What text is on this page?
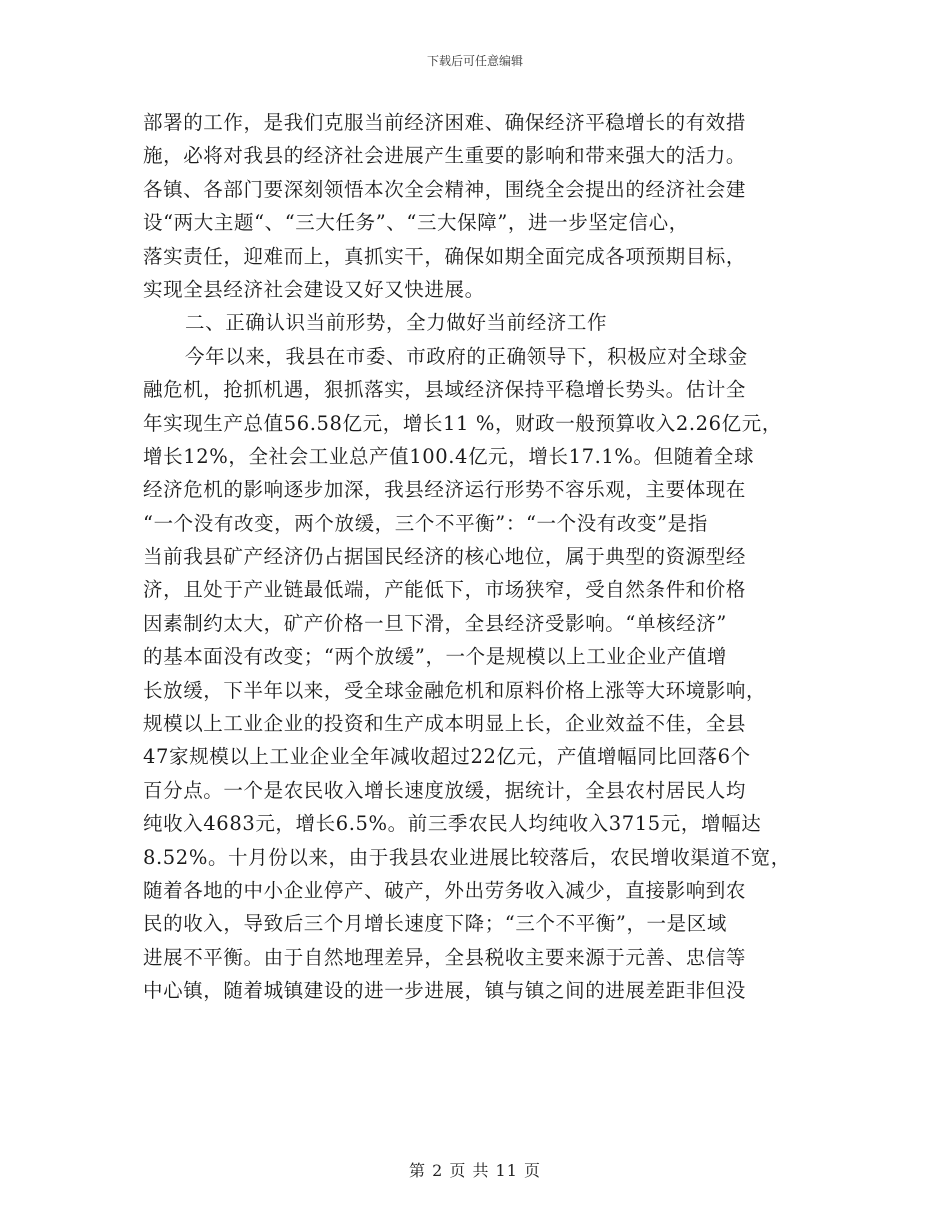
下载后可任意编辑
部署的工作，是我们克服当前经济困难、确保经济平稳增长的有效措
施，必将对我县的经济社会进展产生重要的影响和带来强大的活力。
各镇、各部门要深刻领悟本次全会精神，围绕全会提出的经济社会建
设“两大主题“、“三大任务”、“三大保障”，进一步坚定信心，
落实责任，迎难而上，真抓实干，确保如期全面完成各项预期目标，
实现全县经济社会建设又好又快进展。
二、正确认识当前形势，全力做好当前经济工作
今年以来，我县在市委、市政府的正确领导下，积极应对全球金
融危机，抢抓机遇，狠抓落实，县域经济保持平稳增长势头。估计全
年实现生产总值56.58亿元，增长11 %，财政一般预算收入2.26亿元，
增长12%，全社会工业总产值100.4亿元，增长17.1%。但随着全球
经济危机的影响逐步加深，我县经济运行形势不容乐观，主要体现在
“一个没有改变，两个放缓，三个不平衡”：“一个没有改变”是指
当前我县矿产经济仍占据国民经济的核心地位，属于典型的资源型经
济，且处于产业链最低端，产能低下，市场狭窄，受自然条件和价格
因素制约太大，矿产价格一旦下滑，全县经济受影响。“单核经济”
的基本面没有改变；“两个放缓”，一个是规模以上工业企业产值增
长放缓，下半年以来，受全球金融危机和原料价格上涨等大环境影响，
规模以上工业企业的投资和生产成本明显上长，企业效益不佳，全县
47家规模以上工业企业全年减收超过22亿元，产值增幅同比回落6个
百分点。一个是农民收入增长速度放缓，据统计，全县农村居民人均
纯收入4683元，增长6.5%。前三季农民人均纯收入3715元，增幅达
8.52%。十月份以来，由于我县农业进展比较落后，农民增收渠道不宽，
随着各地的中小企业停产、破产，外出劳务收入减少，直接影响到农
民的收入，导致后三个月增长速度下降；“三个不平衡”，一是区域
进展不平衡。由于自然地理差异，全县税收主要来源于元善、忠信等
中心镇，随着城镇建设的进一步进展，镇与镇之间的进展差距非但没
第 2 页 共 11 页
